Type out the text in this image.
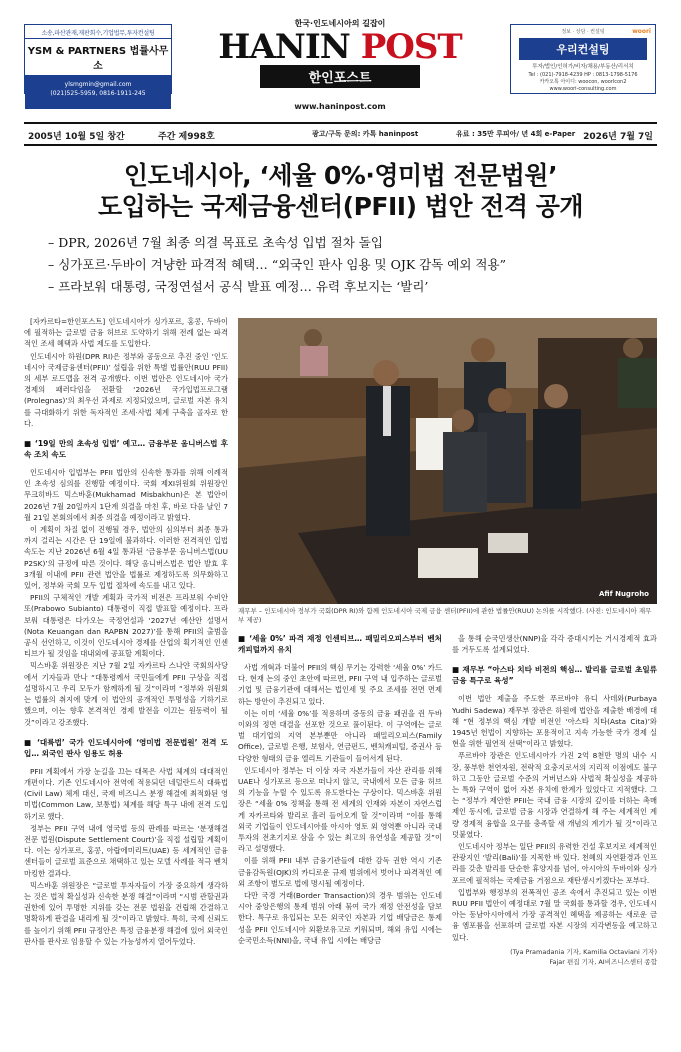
소송,파산관재,재판회수,기업법무,투자컨설팅
YSM & PARTNERS 법률사무소
ylsmgmin@gmail.com
(021)525-5959, 0816-1911-245
한국·인도네시아의 길잡이
HANIN POST
한인포스트
www.haninpost.com
정보 · 상담 · 컨설팅	woori
우리컨설팅
투자/법인/인허가/비자/채용/부동산/리서치
Tel : (021)-7918-4239 HP : 0813-1798-5176
카카오톡 아이디: woocon, woorlcon2
www.woori-consulting.com
2005년 10월 5일 창간	주간 제998호	광고/구독 문의: 카톡 haninpost	유료 : 35만 루피아/ 년 4회 e-Paper 2026년 7월 7일
인도네시아, ‘세율 0%·영미법 전문법원’
도입하는 국제금융센터(PFII) 법안 전격 공개
– DPR, 2026년 7월 최종 의결 목표로 초속성 입법 절차 돌입
– 싱가포르·두바이 겨냥한 파격적 혜택… “외국인 판사 임용 및 OJK 감독 예외 적용”
– 프라보워 대통령, 국정연설서 공식 발표 예정… 유력 후보지는 ‘발리’

[자카르타=한인포스트] 인도네시아가 싱가포르, 홍콩, 두바이에 필적하는 글로벌 금융 허브로 도약하기 위해 전례 없는 파격적인 조세 혜택과 사법 제도를 도입한다.

인도네시아 하원(DPR RI)은 정부와 공동으로 추진 중인 ‘인도네시아 국제금융센터(PFII)’ 설립을 위한 특별 법률안(RUU PFII)의 세부 로드맵을 전격 공개했다. 이번 법안은 인도네시아 국가 경제의 패러다임을 전환할 ‘2026년 국가입법프로그램(Prolegnas)’의 최우선 과제로 지정되었으며, 글로벌 자본 유치를 극대화하기 위한 독자적인 조세·사법 체계 구축을 골자로 한다.

■ ‘19일 만의 초속성 입법’ 예고… 금융부문 옴니버스법 후속 조치 속도

인도네시아 입법부는 PFII 법안의 신속한 통과를 위해 이례적인 초속성 심의를 진행할 예정이다. 국회 제XI위원회 위원장인 무크히바드 믹스바훈(Mukhamad Misbakhun)은 본 법안이 2026년 7월 20일까지 1단계 의결을 마친 후, 바로 다음 날인 7월 21일 본회의에서 최종 의결을 예정이라고 밝혔다.

이 계획이 차질 없이 진행될 경우, 법안의 심의부터 최종 통과까지 걸리는 시간은 단 19일에 불과하다. 이러한 전격적인 입법 속도는 지난 2026년 6월 4일 통과된 ‘금융부문 옴니버스법(UU P2SK)’의 규정에 따른 것이다. 해당 옴니버스법은 법안 발효 후 3개월 이내에 PFII 관련 법안을 법률로 제정하도록 의무화하고 있어, 정부와 국회 모두 입법 절차에 속도를 내고 있다.

PFII의 구체적인 개발 계획과 국가적 비전은 프라보워 수비안또(Prabowo Subianto) 대통령이 직접 발표할 예정이다. 프라보워 대통령은 다가오는 국정연설과 ‘2027년 예산안 설명서(Nota Keuangan dan RAPBN 2027)’를 통해 PFII의 출범을 공식 선언하고, 이것이 인도네시아 경제를 산업의 획기적인 인센티브가 될 것임을 대내외에 공표할 계획이다.

믹스바훈 위원장은 지난 7월 2일 자카르타 스나얀 국회의사당에서 기자들과 만나 “대통령께서 국민들에게 PFII 구상을 직접 설명하시고 우리 모두가 함께하게 될 것”이라며 “정부와 위원회는 법률의 취지에 맞게 이 법안의 공개적인 투명성을 기하기로 했으며, 이는 향후 본격적인 경제 발전을 이끄는 원동력이 될 것”이라고 강조했다.

■ ‘대륙법’ 국가 인도네시아에 ‘영미법 전문법원’ 전격 도입… 외국인 판사 임용도 허용

PFII 계획에서 가장 눈길을 끄는 대목은 사법 체계의 대대적인 개편이다. 기존 인도네시아 전역에 적용되던 네덜란드식 대륙법(Civil Law) 체계 대신, 국제 비즈니스 분쟁 해결에 최적화된 영미법(Common Law, 보통법) 체계를 해당 특구 내에 전격 도입하기로 했다.

정부는 PFII 구역 내에 영국법 등의 판례를 따르는 ‘분쟁해결 전문 법원(Dispute Settlement Court)’을 직접 설립할 계획이다. 이는 싱가포르, 홍콩, 아랍에미리트(UAE) 등 세계적인 금융센터들이 글로벌 표준으로 채택하고 있는 모델 사례를 적극 벤치마킹한 결과다.

믹스바훈 위원장은 “글로벌 투자자들이 가장 중요하게 생각하는 것은 법적 확실성과 신속한 분쟁 해결”이라며 “시범 관할권과 권한에 있어 투명한 지위를 갖는 전문 법원을 건립해 간결하고 명확하게 판결을 내리게 될 것”이라고 밝혔다. 특히, 국제 신뢰도를 높이기 위해 PFII 규정안은 특정 금융분쟁 해결에 있어 외국인 판사를 판사로 임용할 수 있는 가능성까지 열어두었다.

Afif Nugroho
재무부 – 인도네시아 정부가 국회(DPR RI)와 함께 인도네시아 국제 금융 센터(PFII)에 관한 법률안(RUU) 논의를 시작했다. (사진: 인도네시아 재무부 제공)
■ ‘세율 0%’ 파격 재정 인센티브… 패밀리오피스부터 벤처캐피털까지 유치

사법 개혁과 더불어 PFII의 핵심 무기는 강력한 ‘세율 0%’ 카드다. 현재 논의 중인 초안에 따르면, PFII 구역 내 입주하는 글로벌 기업 및 금융기관에 대해서는 법인세 및 주요 조세를 전면 면제하는 방안이 추진되고 있다.

이는 이미 ‘세율 0%’를 적용하며 중동의 금융 패권을 쥔 두바이와의 정면 대결을 선포한 것으로 풀이된다. 이 구역에는 글로벌 대기업의 지역 본부뿐만 아니라 패밀리오피스(Family Office), 글로벌 은행, 보험사, 연금펀드, 벤처캐피털, 증권사 등 다양한 형태의 금융 엘리트 기관들이 들어서게 된다.

인도네시아 정부는 더 이상 자국 자본가들이 자산 관리를 위해 UAE나 싱가포르 등으로 떠나지 않고, 국내에서 모든 금융 허브의 기능을 누릴 수 있도록 유도한다는 구상이다. 믹스바훈 위원장은 “세율 0% 정책을 통해 전 세계의 인재와 자본이 자연스럽게 자카르타와 발리로 흘러 들어오게 할 것”이라며 “이를 통해 외국 기업들이 인도네시아를 아시아 영토 외 영역뿐 아니라 국내 투자의 전초기지로 삼을 수 있는 최고의 유연성을 제공할 것”이라고 설명했다.

이를 위해 PFII 내부 금융기관들에 대한 감독 권한 역시 기존 금융감독원(OJK)의 카디로운 규제 범위에서 벗어나 파격적인 예외 조항이 별도로 법에 명시될 예정이다.

다만 국경 거래(Border Transaction)의 경우 범위는 인도네시아 중앙은행의 통제 범위 아래 묶여 국가 재정 안전성을 담보한다. 특구로 유입되는 모든 외국인 자본과 기업 배당금은 통제성을 PFII 인도네시아 외환보유고로 키워되며, 해외 유입 시에는 순국민소득(NNI)을, 국내 유입 시에는 배당금

을 통해 순국민생산(NNP)을 각각 증대시키는 거시경제적 효과를 거두도록 설계되었다.

■ 재무부 “아스타 치타 비전의 핵심… 발리를 글로벌 초일류 금융 특구로 육성”

이번 법안 제출을 주도한 푸르바야 유디 사데와(Purbaya Yudhi Sadewa) 재무부 장관은 하원에 법안을 제출한 배경에 대해 “현 정부의 핵심 개발 비전인 ‘아스타 치타(Asta Cita)’와 1945년 헌법이 지향하는 포용적이고 지속 가능한 국가 경제 실현을 위한 필연적 선택”이라고 밝혔다.

푸르바야 장관은 인도네시아가 가진 2억 8천만 명의 내수 시장, 풍부한 천연자원, 전략적 요충지로서의 지리적 이점에도 불구하고 그동안 글로벌 수준의 거버넌스와 사법적 확실성을 제공하는 특화 구역이 없어 자본 유치에 한계가 있었다고 지적했다. 그는 “정부가 제안한 PFII는 국내 금융 시장의 깊이를 더하는 촉매제인 동시에, 글로벌 금융 시장과 연결하게 해 주는 세계적인 계량 경제적 융합을 요구를 충족할 새 개념의 계기가 될 것”이라고 덧붙였다.

인도네시아 정부는 일단 PFII의 유력한 건설 후보지로 세계적인 관광지인 ‘발리(Bali)’를 지목한 바 있다. 천혜의 자연환경과 인프라를 갖춘 발리를 단순한 휴양지를 넘어, 아시아의 두바이와 싱가포르에 필적하는 국제금융 거점으로 재탄생시키겠다는 포부다.

입법부와 행정부의 전폭적인 공조 속에서 추진되고 있는 이번 RUU PFII 법안이 예정대로 7월 말 국회를 통과할 경우, 인도네시아는 동남아시아에서 가장 공격적인 혜택을 제공하는 새로운 금융 엠포륨을 선포하며 글로벌 자본 시장의 지각변동을 예고하고 있다.

(Tya Pramadania 기자, Kamilia Octaviani 기자)
Fajar 편집 기자, AI비즈니스센터 종합
